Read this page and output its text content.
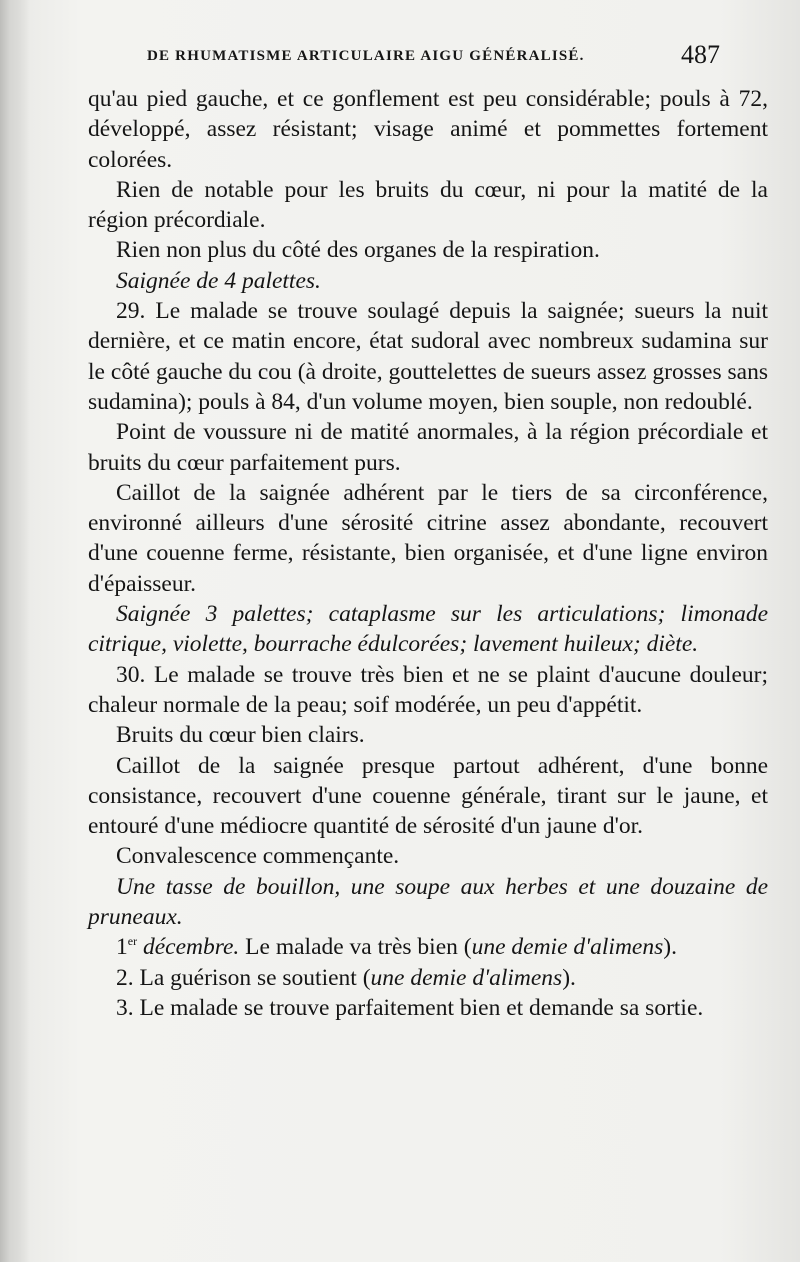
DE RHUMATISME ARTICULAIRE AIGU GÉNÉRALISÉ.	487

qu'au pied gauche, et ce gonflement est peu considérable; pouls à 72, développé, assez résistant; visage animé et pommettes fortement colorées.

Rien de notable pour les bruits du cœur, ni pour la matité de la région précordiale.

Rien non plus du côté des organes de la respiration.

Saignée de 4 palettes.

29. Le malade se trouve soulagé depuis la saignée; sueurs la nuit dernière, et ce matin encore, état sudoral avec nombreux sudamina sur le côté gauche du cou (à droite, gouttelettes de sueurs assez grosses sans sudamina); pouls à 84, d'un volume moyen, bien souple, non redoublé.

Point de voussure ni de matité anormales, à la région précordiale et bruits du cœur parfaitement purs.

Caillot de la saignée adhérent par le tiers de sa circonférence, environné ailleurs d'une sérosité citrine assez abondante, recouvert d'une couenne ferme, résistante, bien organisée, et d'une ligne environ d'épaisseur.

Saignée 3 palettes; cataplasme sur les articulations; limonade citrique, violette, bourrache édulcorées; lavement huileux; diète.

30. Le malade se trouve très bien et ne se plaint d'aucune douleur; chaleur normale de la peau; soif modérée, un peu d'appétit.

Bruits du cœur bien clairs.

Caillot de la saignée presque partout adhérent, d'une bonne consistance, recouvert d'une couenne générale, tirant sur le jaune, et entouré d'une médiocre quantité de sérosité d'un jaune d'or.

Convalescence commençante.

Une tasse de bouillon, une soupe aux herbes et une douzaine de pruneaux.

1er décembre. Le malade va très bien (une demie d'alimens).

2. La guérison se soutient (une demie d'alimens).

3. Le malade se trouve parfaitement bien et demande sa sortie.
